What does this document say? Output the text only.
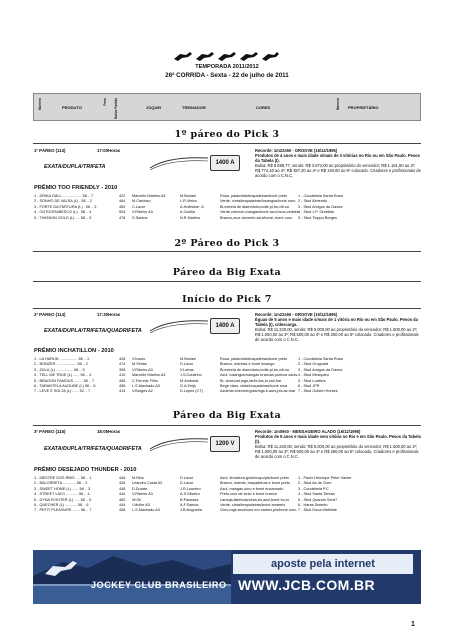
TEMPORADA 2011/2012
26ª CORRIDA - Sexta - 22 de julho de 2011
Número	PRODUTO
Peso Baliza Partida	JÓQUEI	TREINADOR	CORES	Número PROPRIETÁRIO
1º páreo do Pick 3
1º PÁREO (113)	17:00Horas
EXATA/DUPLA/TRIFETA
1400 A
Recorde: 1m22s50 - GROOVE (16/12/1995)
Produtos de 4 anos e mais idade s/mais de 3 vitórias no Rio ou em São Paulo. Pesos da Tabela (I).
Bolsa: R$ 8.888,77, sendo: R$ 3.872,00 ao proprietário do vencedor; R$ 1.161,60 ao 2º; R$ 774,40 ao 3º; R$ 387,20 ao 4º e R$ 193,60 ao 5º colocado. Criadores e profissionais de acordo com o C.N.C.
PRÊMIO TOO FRIENDLY - 2010
1 - DRIKA GALL .................. 58 .. 7	422 Marcelle Martins A3	M.Boriani	Rosa, palalcinta/braçadeiras/boné preto	1 - Coudelaria Santa Rosa
2 - SONHO DE VALSA (L) . 58 .. 2	464 M.Cardoso	L.R.Vieira	Verde, cinta/braçadeiras/losangos/boné ouro 2 - Stud Almendo
3 - FORTE DA FARTURA (L) . 58 .. 3	450 C.Lavor	A.Hofelcker Jr.	Bi,estrela de diam/cinta,bolte,pl,bn,clit.ou 3 - Stud Amigos da Gavea
4 - OUTOGRABESCO (L) . 58 .. 4	504 V.Ribeiro A3	A.Cavilla	Verde,chevron,mangas/boné azul,bcos,vertiles 4 - Stud J.P. Orardias
5 - THIGNON GOLD (L) .... 58 .. 5	478 S.Santos	N.R.Martins	Branco,cruz cinzento azul/boné, boné ouro 5 - Stud Tioppo Borges
2º Páreo do Pick 3
Páreo da Big Exata
Início do Pick 7
2º PÁREO (114)	17:30Horas
EXATA/DUPLA/TRIFETA/QUADRIFETA
1400 A
Recorde: 1m22s50 - GROOVE (16/12/1995)
Éguas de 5 anos e mais idade s/mais de 1 vitória no Rio ou em São Paulo. Pesos da Tabela (I), c/descarga.
Bolsa: R$ 11.220,00, sendo: R$ 5.000,00 ao proprietário do vencedor; R$ 1.500,00 ao 2º; R$ 1.000,00 ao 3º; R$ 500,00 ao 4º e R$ 250,00 ao 5º colocado. Criadores e profissionais de acordo com o C.N.C.
PRÊMIO INCHATILLON - 2010
1 - LA HARUN ................. 56 .. 1	428 V.Inacio	M.Boriani	Rosa, palalcinta/braçadeiras/boné preto	1 - Coudelaria Santa Rosa
2 - BONZER ................... 56 .. 2	474 M.Simão	D.Lavor	Branco, estrelas e boné losango	2 - Stud Grogoatá
3 - ZULU (L) ................ 58 .. 5	398 V.Ribeiro A3	V.Lahus	Bi,estrela de diam/cinta,bolte,pl,bn,clit.ou 3 - Stud Amigos da Gavea
4 - TELL ME TRUE (L) ...... 56 .. 4	410 Marcelle Martins A3	J.S.Coutinho	Azul, losangos/mangas brancas,punhos azuis 4 - Stud Mesquieu
5 - BRAGON FAMOUS ........ 56 .. 7	456 C.Fernnie Filho	M.Andrade	Bi, cinta,bar,mgs,lar/br,tns,bi,cai/,bar	5 - Stud Lucifers
6 - TARANTELA AUGUBE (L) 56 .. 6	456 L.S.Machado A3	G.A.Feijó	Bege claro, cinta/braçadeiras/boné rosa	6 - Stud JPR
7 - LEVE E SOLTA (L) ...... 52 .. 7	414 V.Borges A2	D.Lopes (CT)	Azulmar,chevron/gola/mgs,b.aurs,pts,az-mar 7 - Stud Golden Horses
Páreo da Big Exata
3º PÁREO (115)	18:05Horas
EXATA/DUPLA/TRIFETA/QUADRIFETA
1200 V
Recorde: 1m09s0 - MENSAGEIRO ALADO (16/12/1995)
Produtos de 5 anos e mais idade sem vitória no Rio e em São Paulo. Pesos da Tabela (I).
Bolsa: R$ 11.220,00, sendo: R$ 5.000,00 ao proprietário do vencedor; R$ 1.500,00 ao 2º; R$ 1.000,00 ao 3º; R$ 500,00 ao 4º e R$ 250,00 ao 5º colocado. Criadores e profissionais de acordo com o C.N.C.
PRÊMIO DESEJADO THUNDER - 2010
1 - MESTRE DOS RBIS .... 58 .. 1	446 M.Reis	D.Lavor	Azul, ferradura,gola/braço/pts/boné preto 1 - Paulo Henrique Peter Vanier
2 - BALORRETA ............ 56 .. 2	428 Leandro Costa A2	D.Lavor	Branco, estrela, braçadeiras e boné preto 2 - Stud As de Ouro
3 - SWEET HOME (L) ...... 58 .. 3	448 D.Duarte	J.R.Loureiro	Azul, mangas ouro e boné encarnado	3 - Coudelaria P.C
4 - STREET LADY ........... 56 .. 4	444 V.Ribeiro A3	A.S.Silveira	Preto,cruz de cinto e boné branco	4 - Stud Santa Teresa
5 - DYNA FIGHTER (L) ..... 56 .. 5	460 W.Gil	B.Pavesea	Laranja,listebola/cinta,bn,azul,boné bc,br 5 - Stud Quando Será?
6 - QUECHER (L) ........... 58 .. 6	444 I.Muller A3	A.F.Santos	Verde, cinta/braçadeiras/boné amarelo	6 - Haras Disento
7 - PETIT PLEASURE ....... 56 .. 7	458 L.S.Machado A3	J.B.Nogueira	Ouro,mgs,azul/ouro em xadrez,pts/boné ouro 7 - Stud Dona Mathilde
JOCKEY CLUB BRASILEIRO
aposte pela internet
WWW.JCB.COM.BR
1
